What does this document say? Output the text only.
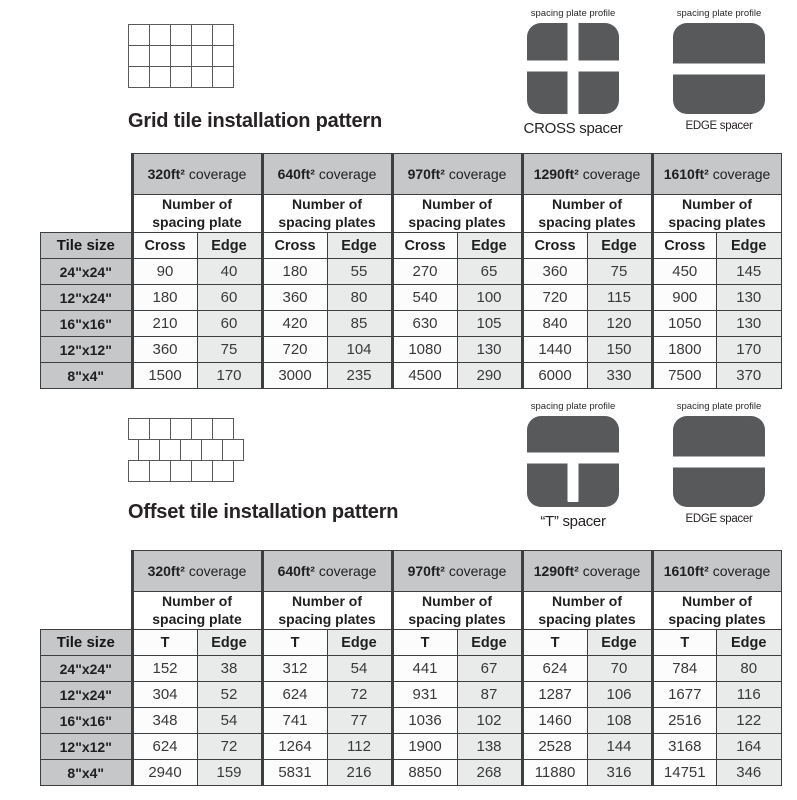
spacing plate profile
CROSS spacer
spacing plate profile
EDGE spacer
Grid tile installation pattern
	320ft² coverage		640ft² coverage		970ft² coverage		1290ft² coverage		1610ft² coverage	

Number of
spacing plate

Number of
spacing plates

Number of
spacing plates

Number of
spacing plates

Number of
spacing plates

Tile size	Cross	Edge	Cross	Edge	Cross	Edge	Cross	Edge	Cross	Edge
24"x24"	90	40	180	55	270	65	360	75	450	145
12"x24"	180	60	360	80	540	100	720	115	900	130
16"x16"	210	60	420	85	630	105	840	120	1050	130
12"x12"	360	75	720	104	1080	130	1440	150	1800	170
8"x4"	1500	170	3000	235	4500	290	6000	330	7500	370
spacing plate profile
“T” spacer
spacing plate profile
EDGE spacer
Offset tile installation pattern
	320ft² coverage		640ft² coverage		970ft² coverage		1290ft² coverage		1610ft² coverage	

Number of
spacing plate

Number of
spacing plates

Number of
spacing plates

Number of
spacing plates

Number of
spacing plates

Tile size	T	Edge	T	Edge	T	Edge	T	Edge	T	Edge
24"x24"	152	38	312	54	441	67	624	70	784	80
12"x24"	304	52	624	72	931	87	1287	106	1677	116
16"x16"	348	54	741	77	1036	102	1460	108	2516	122
12"x12"	624	72	1264	112	1900	138	2528	144	3168	164
8"x4"	2940	159	5831	216	8850	268	11880	316	14751	346
